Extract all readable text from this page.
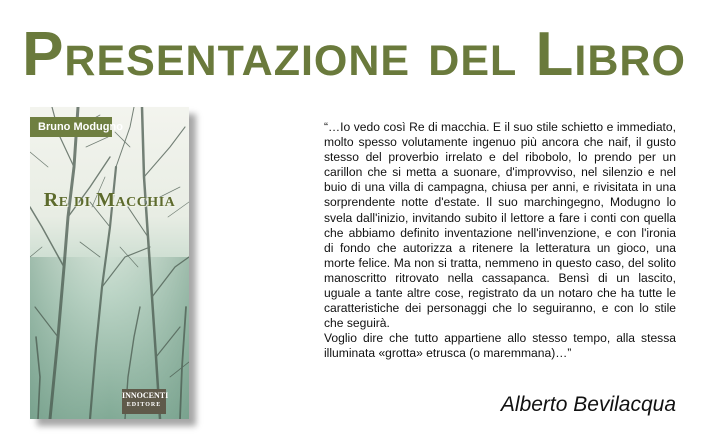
Presentazione del Libro
Bruno Modugno
Re di Macchia
INNOCENTI
EDITORE

“…Io vedo così Re di macchia. E il suo stile schietto e immediato, molto spesso volutamente ingenuo più ancora che naif, il gusto stesso del proverbio irrelato e del ribobolo, lo prendo per un carillon che si metta a suonare, d'improvviso, nel silenzio e nel buio di una villa di campagna, chiusa per anni, e rivisitata in una sorprendente notte d'estate. Il suo marchingegno, Modugno lo svela dall'inizio, invitando subito il lettore a fare i conti con quella che abbiamo definito inventazione nell'invenzione, e con l'ironia di fondo che autorizza a ritenere la letteratura un gioco, una morte felice. Ma non si tratta, nemmeno in questo caso, del solito manoscritto ritrovato nella cassapanca. Bensì di un lascito, uguale a tante altre cose, registrato da un notaro che ha tutte le caratteristiche dei personaggi che lo seguiranno, e con lo stile che seguirà.

Voglio dire che tutto appartiene allo stesso tempo, alla stessa illuminata «grotta» etrusca (o maremmana)…”

Alberto Bevilacqua
